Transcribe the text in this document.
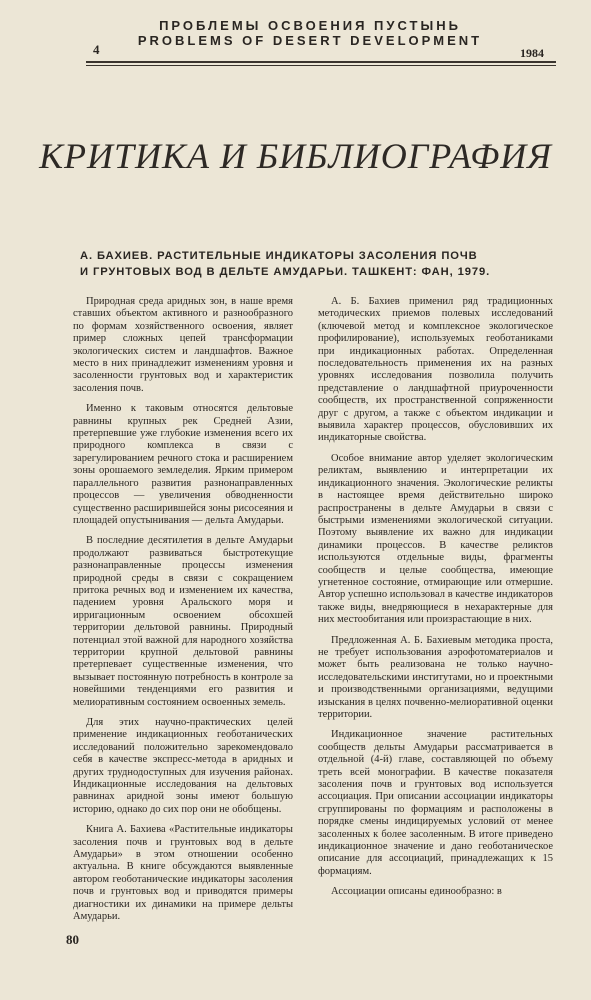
4
ПРОБЛЕМЫ ОСВОЕНИЯ ПУСТЫНЬ
PROBLEMS OF DESERT DEVELOPMENT
1984
КРИТИКА И БИБЛИОГРАФИЯ
А. БАХИЕВ. РАСТИТЕЛЬНЫЕ ИНДИКАТОРЫ ЗАСОЛЕНИЯ ПОЧВ
И ГРУНТОВЫХ ВОД В ДЕЛЬТЕ АМУДАРЬИ. ТАШКЕНТ: ФАН, 1979.

Природная среда аридных зон, в наше время ставших объектом активного и разнообразного по формам хозяйственного освоения, являет пример сложных цепей трансформации экологических систем и ландшафтов. Важное место в них принадлежит изменениям уровня и засоленности грунтовых вод и характеристик засоления почв.

Именно к таковым относятся дельтовые равнины крупных рек Средней Азии, претерпевшие уже глубокие изменения всего их природного комплекса в связи с зарегулированием речного стока и расширением зоны орошаемого земледелия. Ярким примером параллельного развития разнонаправленных процессов — увеличения обводненности существенно расширившейся зоны рисосеяния и площадей опустынивания — дельта Амударьи.

В последние десятилетия в дельте Амударьи продолжают развиваться быстротекущие разнонаправленные процессы изменения природной среды в связи с сокращением притока речных вод и изменением их качества, падением уровня Аральского моря и ирригационным освоением обсохшей территории дельтовой равнины. Природный потенциал этой важной для народного хозяйства территории крупной дельтовой равнины претерпевает существенные изменения, что вызывает постоянную потребность в контроле за новейшими тенденциями его развития и мелиоративным состоянием освоенных земель.

Для этих научно-практических целей применение индикационных геоботанических исследований положительно зарекомендовало себя в качестве экспресс-метода в аридных и других труднодоступных для изучения районах. Индикационные исследования на дельтовых равнинах аридной зоны имеют большую историю, однако до сих пор они не обобщены.

Книга А. Бахиева «Растительные индикаторы засоления почв и грунтовых вод в дельте Амударьи» в этом отношении особенно актуальна. В книге обсуждаются выявленные автором геоботанические индикаторы засоления почв и грунтовых вод и приводятся примеры диагностики их динамики на примере дельты Амударьи.

А. Б. Бахиев применил ряд традиционных методических приемов полевых исследований (ключевой метод и комплексное экологическое профилирование), используемых геоботаниками при индикационных работах. Определенная последовательность применения их на разных уровнях исследования позволила получить представление о ландшафтной приуроченности сообществ, их пространственной сопряженности друг с другом, а также с объектом индикации и выявила характер процессов, обусловивших их индикаторные свойства.

Особое внимание автор уделяет экологическим реликтам, выявлению и интерпретации их индикационного значения. Экологические реликты в настоящее время действительно широко распространены в дельте Амударьи в связи с быстрыми изменениями экологической ситуации. Поэтому выявление их важно для индикации динамики процессов. В качестве реликтов используются отдельные виды, фрагменты сообществ и целые сообщества, имеющие угнетенное состояние, отмирающие или отмершие. Автор успешно использовал в качестве индикаторов также виды, внедряющиеся в нехарактерные для них местообитания или произрастающие в них.

Предложенная А. Б. Бахиевым методика проста, не требует использования аэрофотоматериалов и может быть реализована не только научно-исследовательскими институтами, но и проектными и производственными организациями, ведущими изыскания в целях почвенно-мелиоративной оценки территории.

Индикационное значение растительных сообществ дельты Амударьи рассматривается в отдельной (4-й) главе, составляющей по объему треть всей монографии. В качестве показателя засоления почв и грунтовых вод используется ассоциация. При описании ассоциации индикаторы сгруппированы по формациям и расположены в порядке смены индицируемых условий от менее засоленных к более засоленным. В итоге приведено индикационное значение и дано геоботаническое описание для ассоциаций, принадлежащих к 15 формациям.

Ассоциации описаны единообразно: в

80
